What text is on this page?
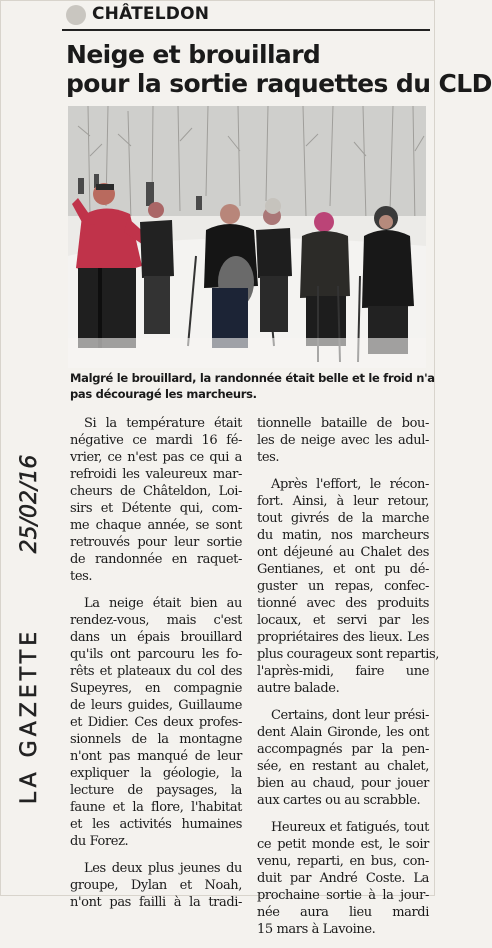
CHÂTELDON
Neige et brouillard
pour la sortie raquettes du CLD
Malgré le brouillard, la randonnée était belle et le froid n'a
pas découragé les marcheurs.
25/02/16
LA GAZETTE
Si la température était
négative ce mardi 16 fé-
vrier, ce n'est pas ce qui a
refroidi les valeureux mar-
cheurs de Châteldon, Loi-
sirs et Détente qui, com-
me chaque année, se sont
retrouvés pour leur sortie
de randonnée en raquet-
tes.
La neige était bien au
rendez-vous, mais c'est
dans un épais brouillard
qu'ils ont parcouru les fo-
rêts et plateaux du col des
Supeyres, en compagnie
de leurs guides, Guillaume
et Didier. Ces deux profes-
sionnels de la montagne
n'ont pas manqué de leur
expliquer la géologie, la
lecture de paysages, la
faune et la flore, l'habitat
et les activités humaines
du Forez.
Les deux plus jeunes du
groupe, Dylan et Noah,
n'ont pas failli à la tradi-
tionnelle bataille de bou-
les de neige avec les adul-
tes.
Après l'effort, le récon-
fort. Ainsi, à leur retour,
tout givrés de la marche
du matin, nos marcheurs
ont déjeuné au Chalet des
Gentianes, et ont pu dé-
guster un repas, confec-
tionné avec des produits
locaux, et servi par les
propriétaires des lieux. Les
plus courageux sont repartis,
l'après-midi, faire une
autre balade.
Certains, dont leur prési-
dent Alain Gironde, les ont
accompagnés par la pen-
sée, en restant au chalet,
bien au chaud, pour jouer
aux cartes ou au scrabble.
Heureux et fatigués, tout
ce petit monde est, le soir
venu, reparti, en bus, con-
duit par André Coste. La
prochaine sortie à la jour-
née aura lieu mardi
15 mars à Lavoine.
